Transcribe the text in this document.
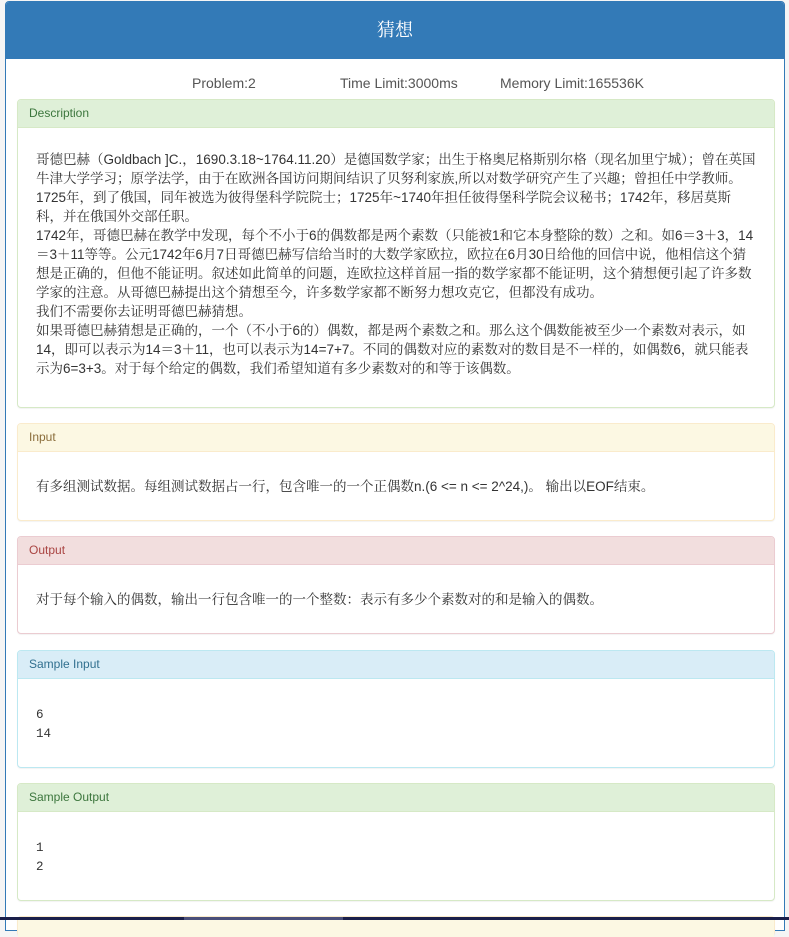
猜想
Problem:2	Time Limit:3000ms	Memory Limit:165536K
Description

哥德巴赫（Goldbach ]C.，1690.3.18~1764.11.20）是德国数学家；出生于格奥尼格斯别尔格（现名加里宁城）；曾在英国牛津大学学习；原学法学，由于在欧洲各国访问期间结识了贝努利家族,所以对数学研究产生了兴趣；曾担任中学教师。1725年，到了俄国，同年被选为彼得堡科学院院士；1725年~1740年担任彼得堡科学院会议秘书；1742年，移居莫斯科，并在俄国外交部任职。

1742年，哥德巴赫在教学中发现，每个不小于6的偶数都是两个素数（只能被1和它本身整除的数）之和。如6＝3＋3，14＝3＋11等等。公元1742年6月7日哥德巴赫写信给当时的大数学家欧拉，欧拉在6月30日给他的回信中说，他相信这个猜想是正确的，但他不能证明。叙述如此简单的问题，连欧拉这样首屈一指的数学家都不能证明，这个猜想便引起了许多数学家的注意。从哥德巴赫提出这个猜想至今，许多数学家都不断努力想攻克它，但都没有成功。

我们不需要你去证明哥德巴赫猜想。

如果哥德巴赫猜想是正确的，一个（不小于6的）偶数，都是两个素数之和。那么这个偶数能被至少一个素数对表示，如14，即可以表示为14＝3＋11，也可以表示为14=7+7。不同的偶数对应的素数对的数目是不一样的，如偶数6，就只能表示为6=3+3。对于每个给定的偶数，我们希望知道有多少素数对的和等于该偶数。

Input
有多组测试数据。每组测试数据占一行，包含唯一的一个正偶数n.(6 <= n <= 2^24,)。 输出以EOF结束。
Output
对于每个输入的偶数，输出一行包含唯一的一个整数：表示有多少个素数对的和是输入的偶数。
Sample Input
6
14
Sample Output
1
2
